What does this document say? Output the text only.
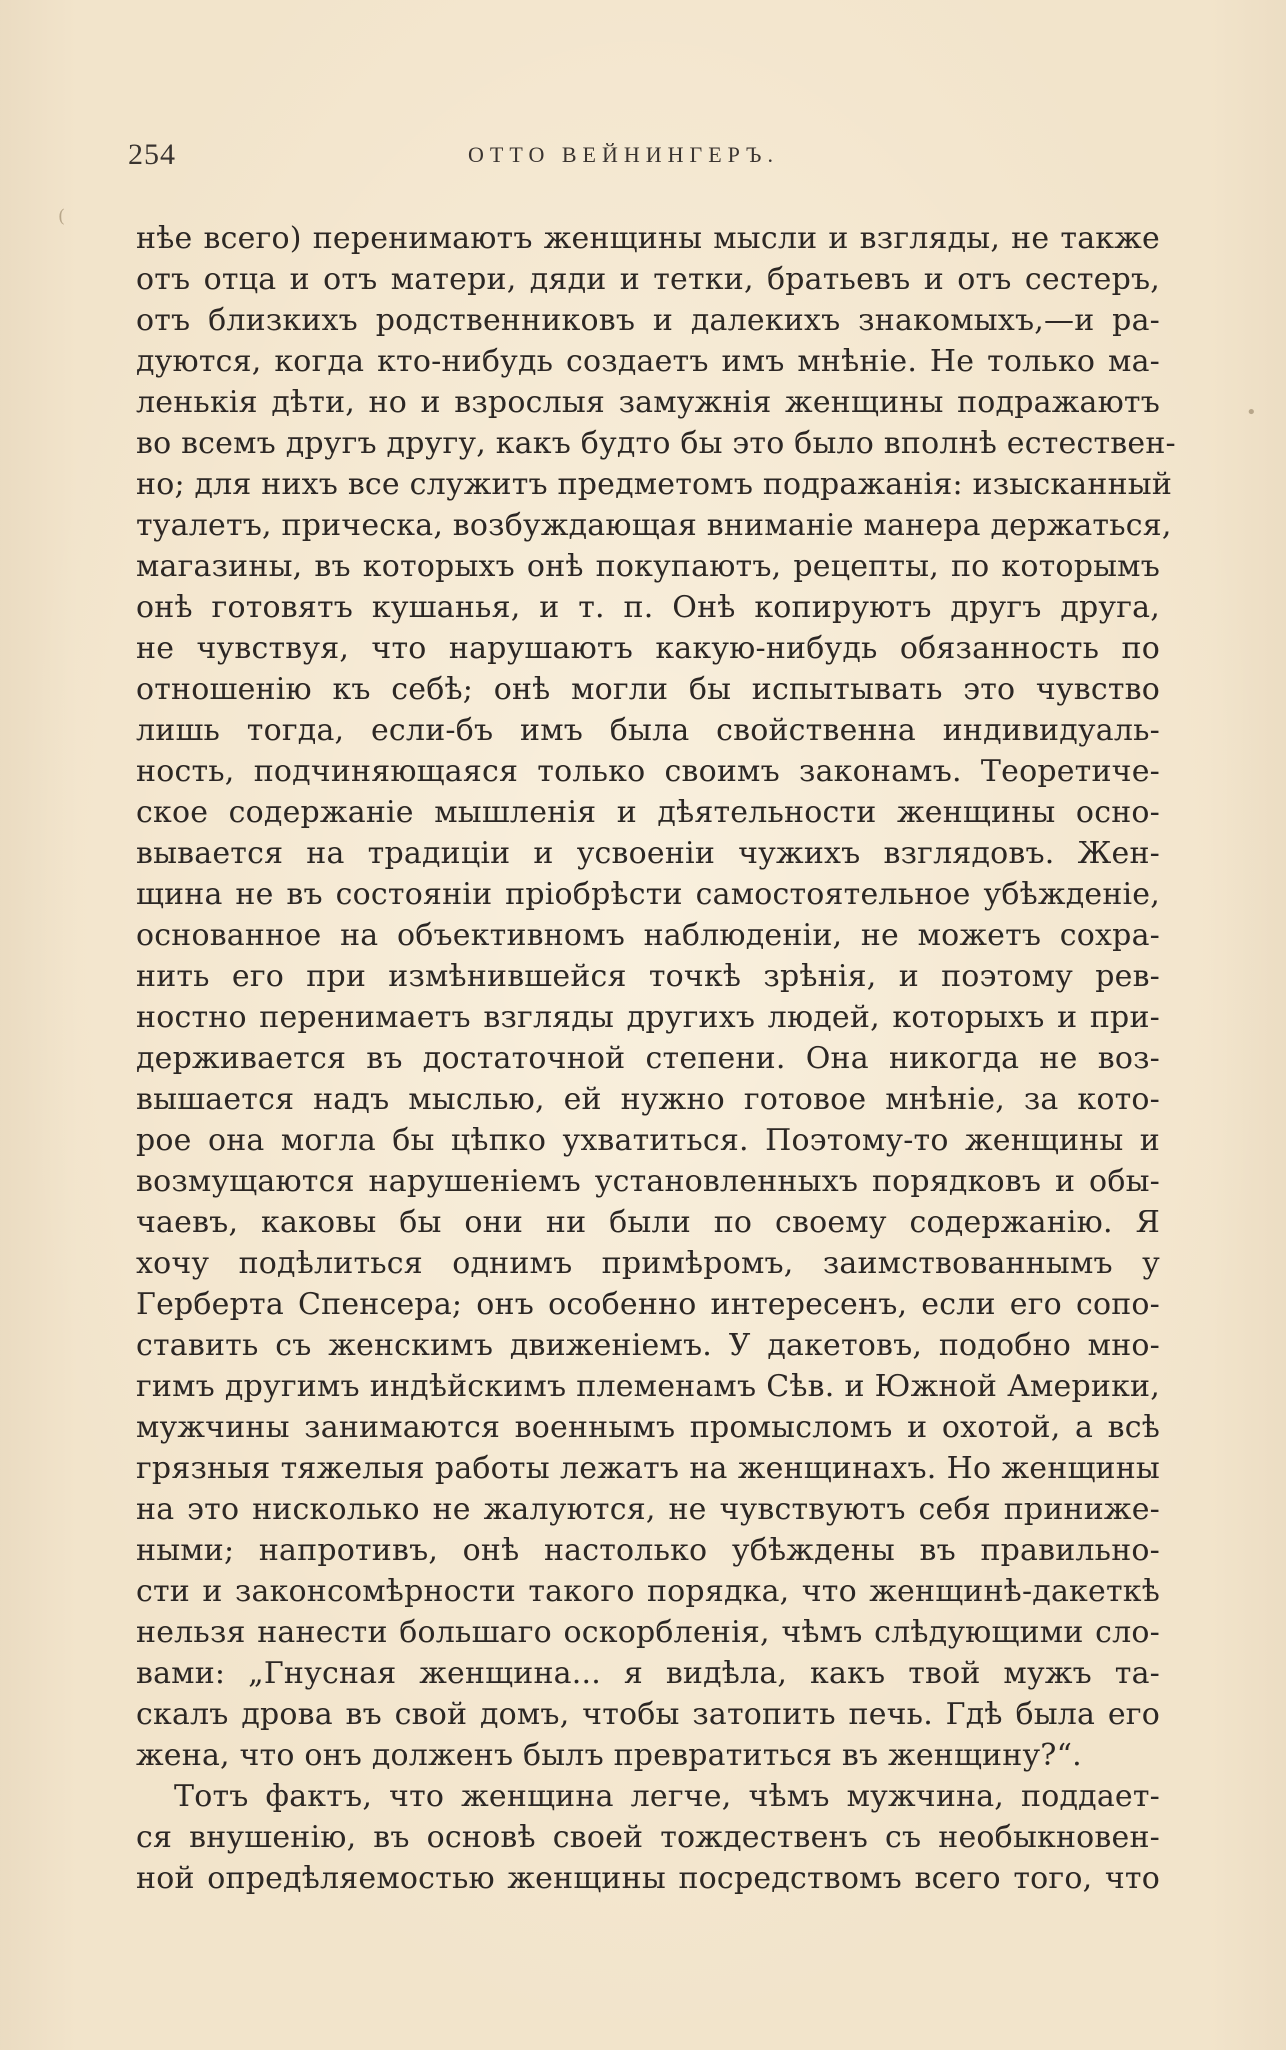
254	ОТТО ВЕЙНИНГЕРЪ.
(
•
нѣе всего) перенимаютъ женщины мысли и взгляды, не также
отъ отца и отъ матери, дяди и тетки, братьевъ и отъ сестеръ,
отъ близкихъ родственниковъ и далекихъ знакомыхъ,—и ра-
дуются, когда кто-нибудь создаетъ имъ мнѣніе. Не только ма-
ленькія дѣти, но и взрослыя замужнія женщины подражаютъ
во всемъ другъ другу, какъ будто бы это было вполнѣ естествен-
но; для нихъ все служитъ предметомъ подражанія: изысканный
туалетъ, прическа, возбуждающая вниманіе манера держаться,
магазины, въ которыхъ онѣ покупаютъ, рецепты, по которымъ
онѣ готовятъ кушанья, и т. п. Онѣ копируютъ другъ друга,
не чувствуя, что нарушаютъ какую-нибудь обязанность по
отношенію къ себѣ; онѣ могли бы испытывать это чувство
лишь тогда, если-бъ имъ была свойственна индивидуаль-
ность, подчиняющаяся только своимъ законамъ. Теоретиче-
ское содержаніе мышленія и дѣятельности женщины осно-
вывается на традиціи и усвоеніи чужихъ взглядовъ. Жен-
щина не въ состояніи пріобрѣсти самостоятельное убѣжденіе,
основанное на объективномъ наблюденіи, не можетъ сохра-
нить его при измѣнившейся точкѣ зрѣнія, и поэтому рев-
ностно перенимаетъ взгляды другихъ людей, которыхъ и при-
держивается въ достаточной степени. Она никогда не воз-
вышается надъ мыслью, ей нужно готовое мнѣніе, за кото-
рое она могла бы цѣпко ухватиться. Поэтому-то женщины и
возмущаются нарушеніемъ установленныхъ порядковъ и обы-
чаевъ, каковы бы они ни были по своему содержанію. Я
хочу подѣлиться однимъ примѣромъ, заимствованнымъ у
Герберта Спенсера; онъ особенно интересенъ, если его сопо-
ставить съ женскимъ движеніемъ. У дакетовъ, подобно мно-
гимъ другимъ индѣйскимъ племенамъ Сѣв. и Южной Америки,
мужчины занимаются военнымъ промысломъ и охотой, а всѣ
грязныя тяжелыя работы лежатъ на женщинахъ. Но женщины
на это нисколько не жалуются, не чувствуютъ себя приниже-
ными; напротивъ, онѣ настолько убѣждены въ правильно-
сти и законсомѣрности такого порядка, что женщинѣ-дакеткѣ
нельзя нанести большаго оскорбленія, чѣмъ слѣдующими сло-
вами: „Гнусная женщина... я видѣла, какъ твой мужъ та-
скалъ дрова въ свой домъ, чтобы затопить печь. Гдѣ была его
жена, что онъ долженъ былъ превратиться въ женщину?“.
Тотъ фактъ, что женщина легче, чѣмъ мужчина, поддает-
ся внушенію, въ основѣ своей тождественъ съ необыкновен-
ной опредѣляемостью женщины посредствомъ всего того, что
